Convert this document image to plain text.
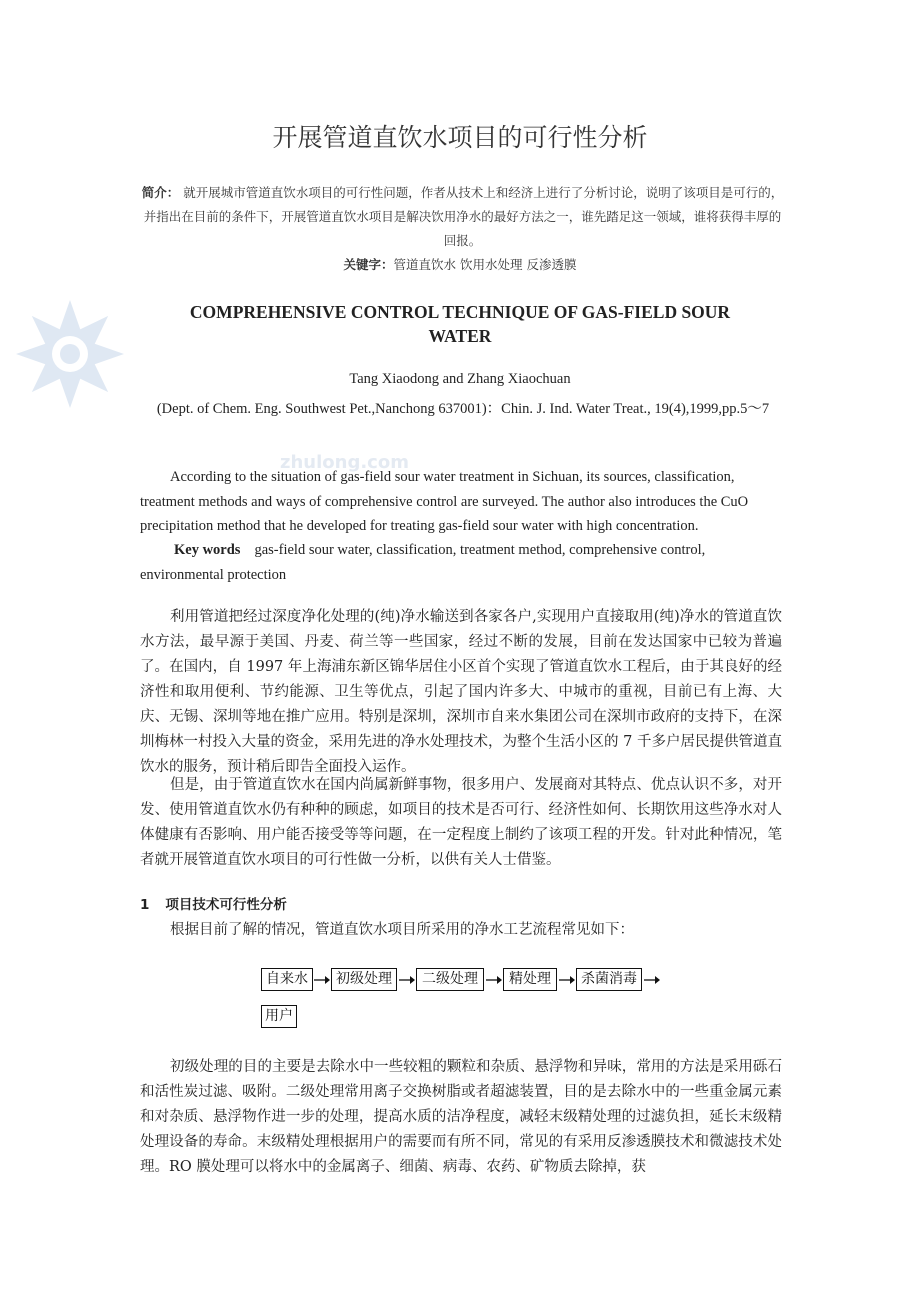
zhulong.com
开展管道直饮水项目的可行性分析
简介： 就开展城市管道直饮水项目的可行性问题，作者从技术上和经济上进行了分析讨论，说明了该项目是可行的，并指出在目前的条件下，开展管道直饮水项目是解决饮用净水的最好方法之一，谁先踏足这一领域，谁将获得丰厚的回报。
关键字：管道直饮水 饮用水处理 反渗透膜
COMPREHENSIVE CONTROL TECHNIQUE OF GAS-FIELD SOUR WATER
Tang Xiaodong and Zhang Xiaochuan
(Dept. of Chem. Eng. Southwest Pet.,Nanchong 637001)：Chin. J. Ind. Water Treat., 19(4),1999,pp.5～7
According to the situation of gas-field sour water treatment in Sichuan, its sources, classification, treatment methods and ways of comprehensive control are surveyed. The author also introduces the CuO precipitation method that he developed for treating gas-field sour water with high concentration.
Key words gas-field sour water, classification, treatment method, comprehensive control, environmental protection
利用管道把经过深度净化处理的(纯)净水输送到各家各户,实现用户直接取用(纯)净水的管道直饮水方法，最早源于美国、丹麦、荷兰等一些国家，经过不断的发展，目前在发达国家中已较为普遍了。在国内，自 1997 年上海浦东新区锦华居住小区首个实现了管道直饮水工程后，由于其良好的经济性和取用便利、节约能源、卫生等优点，引起了国内许多大、中城市的重视，目前已有上海、大庆、无锡、深圳等地在推广应用。特别是深圳，深圳市自来水集团公司在深圳市政府的支持下，在深圳梅林一村投入大量的资金，采用先进的净水处理技术，为整个生活小区的 7 千多户居民提供管道直饮水的服务，预计稍后即告全面投入运作。
但是，由于管道直饮水在国内尚属新鲜事物，很多用户、发展商对其特点、优点认识不多，对开发、使用管道直饮水仍有种种的顾虑，如项目的技术是否可行、经济性如何、长期饮用这些净水对人体健康有否影响、用户能否接受等等问题，在一定程度上制约了该项工程的开发。针对此种情况，笔者就开展管道直饮水项目的可行性做一分析，以供有关人士借鉴。
1 项目技术可行性分析
根据目前了解的情况，管道直饮水项目所采用的净水工艺流程常见如下：
自来水	初级处理	二级处理	精处理	杀菌消毒
用户
初级处理的目的主要是去除水中一些较粗的颗粒和杂质、悬浮物和异味，常用的方法是采用砾石和活性炭过滤、吸附。二级处理常用离子交换树脂或者超滤装置，目的是去除水中的一些重金属元素和对杂质、悬浮物作进一步的处理，提高水质的洁净程度，减轻末级精处理的过滤负担，延长末级精处理设备的寿命。末级精处理根据用户的需要而有所不同，常见的有采用反渗透膜技术和微滤技术处理。RO 膜处理可以将水中的金属离子、细菌、病毒、农药、矿物质去除掉，获
